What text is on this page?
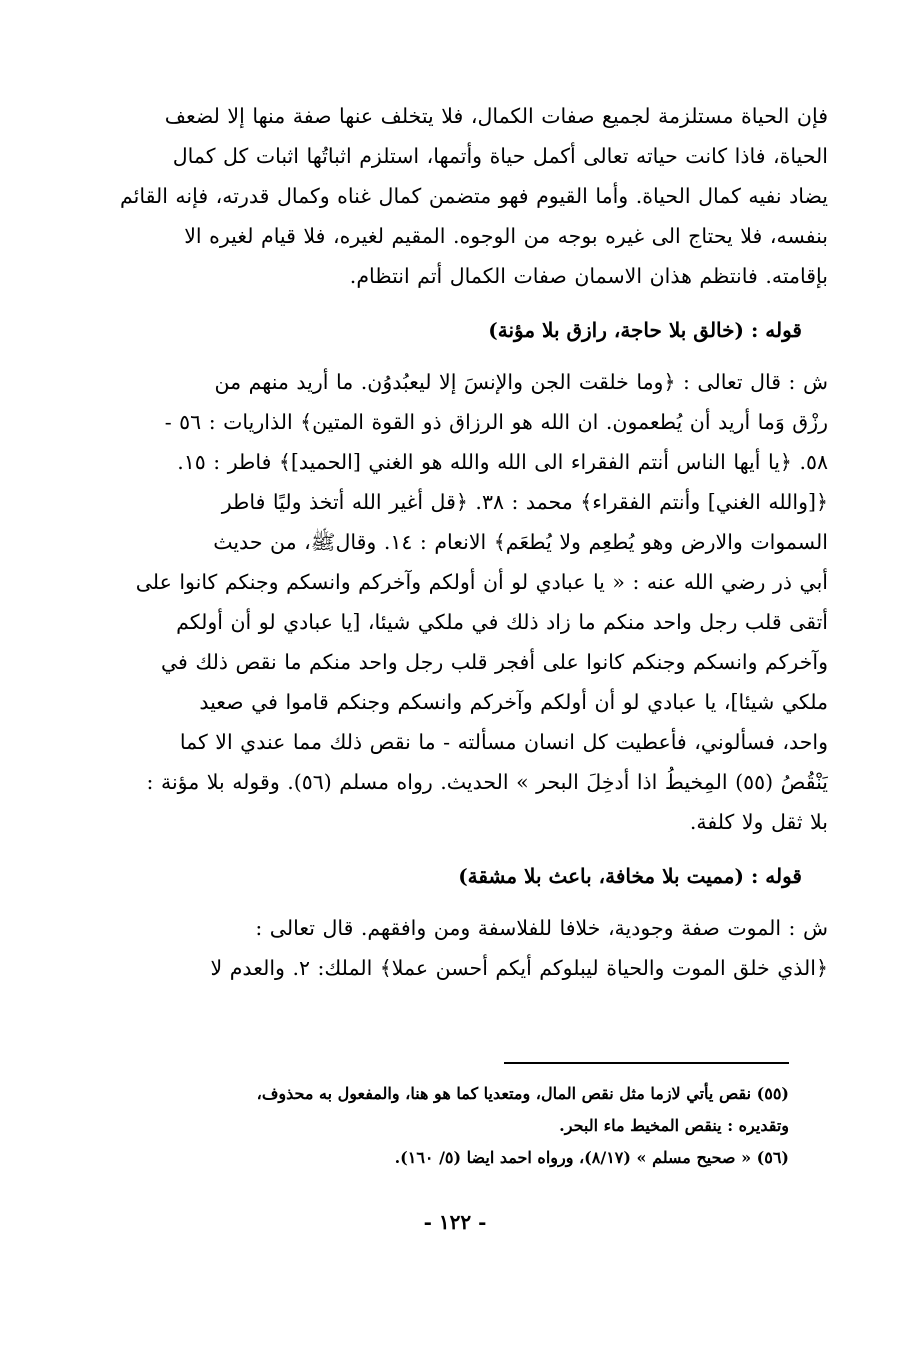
فإن الحياة مستلزمة لجميع صفات الكمال، فلا يتخلف عنها صفة منها إلا لضعف
الحياة، فاذا كانت حياته تعالى أكمل حياة وأتمها، استلزم اثباتُها اثبات كل كمال
يضاد نفيه كمال الحياة. وأما القيوم فهو متضمن كمال غناه وكمال قدرته، فإنه القائم
بنفسه، فلا يحتاج الى غيره بوجه من الوجوه. المقيم لغيره، فلا قيام لغيره الا
بإقامته. فانتظم هذان الاسمان صفات الكمال أتم انتظام.
قوله : (خالق بلا حاجة، رازق بلا مؤنة)
ش : قال تعالى : ﴿وما خلقت الجن والإنسَ إلا ليعبُدوُن. ما أريد منهم من
رزْق وَما أريد أن يُطعمون. ان الله هو الرزاق ذو القوة المتين﴾ الذاريات : ٥٦ -
٥٨. ﴿يا أيها الناس أنتم الفقراء الى الله والله هو الغني [الحميد]﴾ فاطر : ١٥.
﴿[والله الغني] وأنتم الفقراء﴾ محمد : ٣٨. ﴿قل أغير الله أتخذ وليًا فاطر
السموات والارض وهو يُطعِم ولا يُطعَم﴾ الانعام : ١٤. وقالﷺ، من حديث
أبي ذر رضي الله عنه : « يا عبادي لو أن أولكم وآخركم وانسكم وجنكم كانوا على
أتقى قلب رجل واحد منكم ما زاد ذلك في ملكي شيئا، [يا عبادي لو أن أولكم
وآخركم وانسكم وجنكم كانوا على أفجر قلب رجل واحد منكم ما نقص ذلك في
ملكي شيئا]، يا عبادي لو أن أولكم وآخركم وانسكم وجنكم قاموا في صعيد
واحد، فسألوني، فأعطيت كل انسان مسألته - ما نقص ذلك مما عندي الا كما
يَنْقُصُ (٥٥) المِخيطُ اذا أدخِلَ البحر » الحديث. رواه مسلم (٥٦). وقوله بلا مؤنة :
بلا ثقل ولا كلفة.
قوله : (مميت بلا مخافة، باعث بلا مشقة)
ش : الموت صفة وجودية، خلافا للفلاسفة ومن وافقهم. قال تعالى :
﴿الذي خلق الموت والحياة ليبلوكم أيكم أحسن عملا﴾ الملك: ٢. والعدم لا
(٥٥) نقص يأتي لازما مثل نقص المال، ومتعديا كما هو هنا، والمفعول به محذوف،
وتقديره : ينقص المخيط ماء البحر.
(٥٦) « صحيح مسلم » (٨/١٧)، ورواه احمد ايضا (٥/ ١٦٠).
- ١٢٢ -
